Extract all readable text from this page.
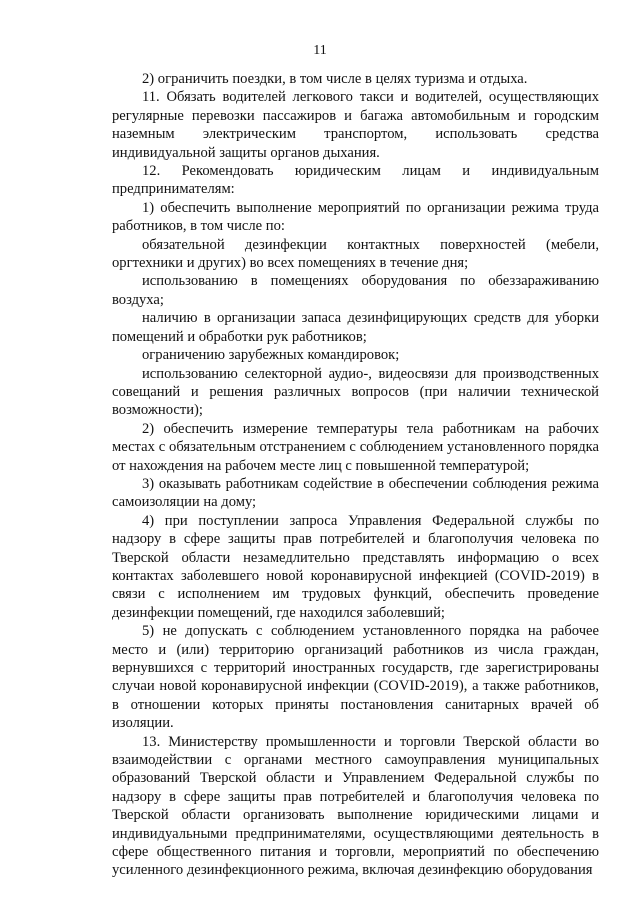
11

2) ограничить поездки, в том числе в целях туризма и отдыха.

11. Обязать водителей легкового такси и водителей, осуществляющих регулярные перевозки пассажиров и багажа автомобильным и городским наземным электрическим транспортом, использовать средства индивидуальной защиты органов дыхания.

12. Рекомендовать юридическим лицам и индивидуальным предпринимателям:

1) обеспечить выполнение мероприятий по организации режима труда работников, в том числе по:

обязательной дезинфекции контактных поверхностей (мебели, оргтехники и других) во всех помещениях в течение дня;

использованию в помещениях оборудования по обеззараживанию воздуха;

наличию в организации запаса дезинфицирующих средств для уборки помещений и обработки рук работников;

ограничению зарубежных командировок;

использованию селекторной аудио-, видеосвязи для производственных совещаний и решения различных вопросов (при наличии технической возможности);

2) обеспечить измерение температуры тела работникам на рабочих местах с обязательным отстранением с соблюдением установленного порядка от нахождения на рабочем месте лиц с повышенной температурой;

3) оказывать работникам содействие в обеспечении соблюдения режима самоизоляции на дому;

4) при поступлении запроса Управления Федеральной службы по надзору в сфере защиты прав потребителей и благополучия человека по Тверской области незамедлительно представлять информацию о всех контактах заболевшего новой коронавирусной инфекцией (COVID-2019) в связи с исполнением им трудовых функций, обеспечить проведение дезинфекции помещений, где находился заболевший;

5) не допускать с соблюдением установленного порядка на рабочее место и (или) территорию организаций работников из числа граждан, вернувшихся с территорий иностранных государств, где зарегистрированы случаи новой коронавирусной инфекции (COVID-2019), а также работников, в отношении которых приняты постановления санитарных врачей об изоляции.

13. Министерству промышленности и торговли Тверской области во взаимодействии с органами местного самоуправления муниципальных образований Тверской области и Управлением Федеральной службы по надзору в сфере защиты прав потребителей и благополучия человека по Тверской области организовать выполнение юридическими лицами и индивидуальными предпринимателями, осуществляющими деятельность в сфере общественного питания и торговли, мероприятий по обеспечению усиленного дезинфекционного режима, включая дезинфекцию оборудования
